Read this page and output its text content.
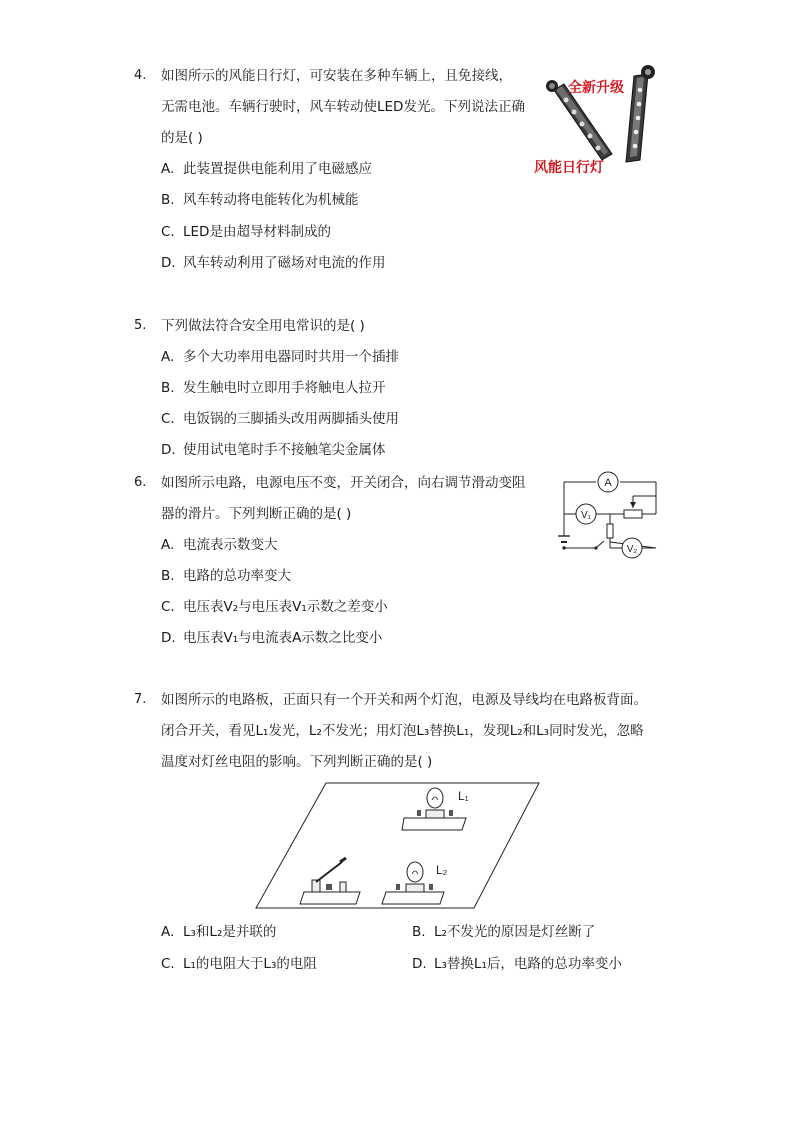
4. 如图所示的风能日行灯，可安装在多种车辆上，且免接线，
无需电池。车辆行驶时，风车转动使LED发光。下列说法正确
的是( )
A. 此装置提供电能利用了电磁感应
B. 风车转动将电能转化为机械能
C. LED是由超导材料制成的
D. 风车转动利用了磁场对电流的作用
全新升级
风能日行灯
5. 下列做法符合安全用电常识的是( )
A. 多个大功率用电器同时共用一个插排
B. 发生触电时立即用手将触电人拉开
C. 电饭锅的三脚插头改用两脚插头使用
D. 使用试电笔时手不接触笔尖金属体
6. 如图所示电路，电源电压不变，开关闭合，向右调节滑动变阻
器的滑片。下列判断正确的是( )
A. 电流表示数变大
B. 电路的总功率变大
C. 电压表V₂与电压表V₁示数之差变小
D. 电压表V₁与电流表A示数之比变小
A
V₁
V₂
7. 如图所示的电路板，正面只有一个开关和两个灯泡，电源及导线均在电路板背面。
闭合开关，看见L₁发光，L₂不发光；用灯泡L₃替换L₁，发现L₂和L₃同时发光，忽略
温度对灯丝电阻的影响。下列判断正确的是( )
L₁
L₂
A. L₃和L₂是并联的	B. L₂不发光的原因是灯丝断了
C. L₁的电阻大于L₃的电阻	D. L₃替换L₁后，电路的总功率变小
